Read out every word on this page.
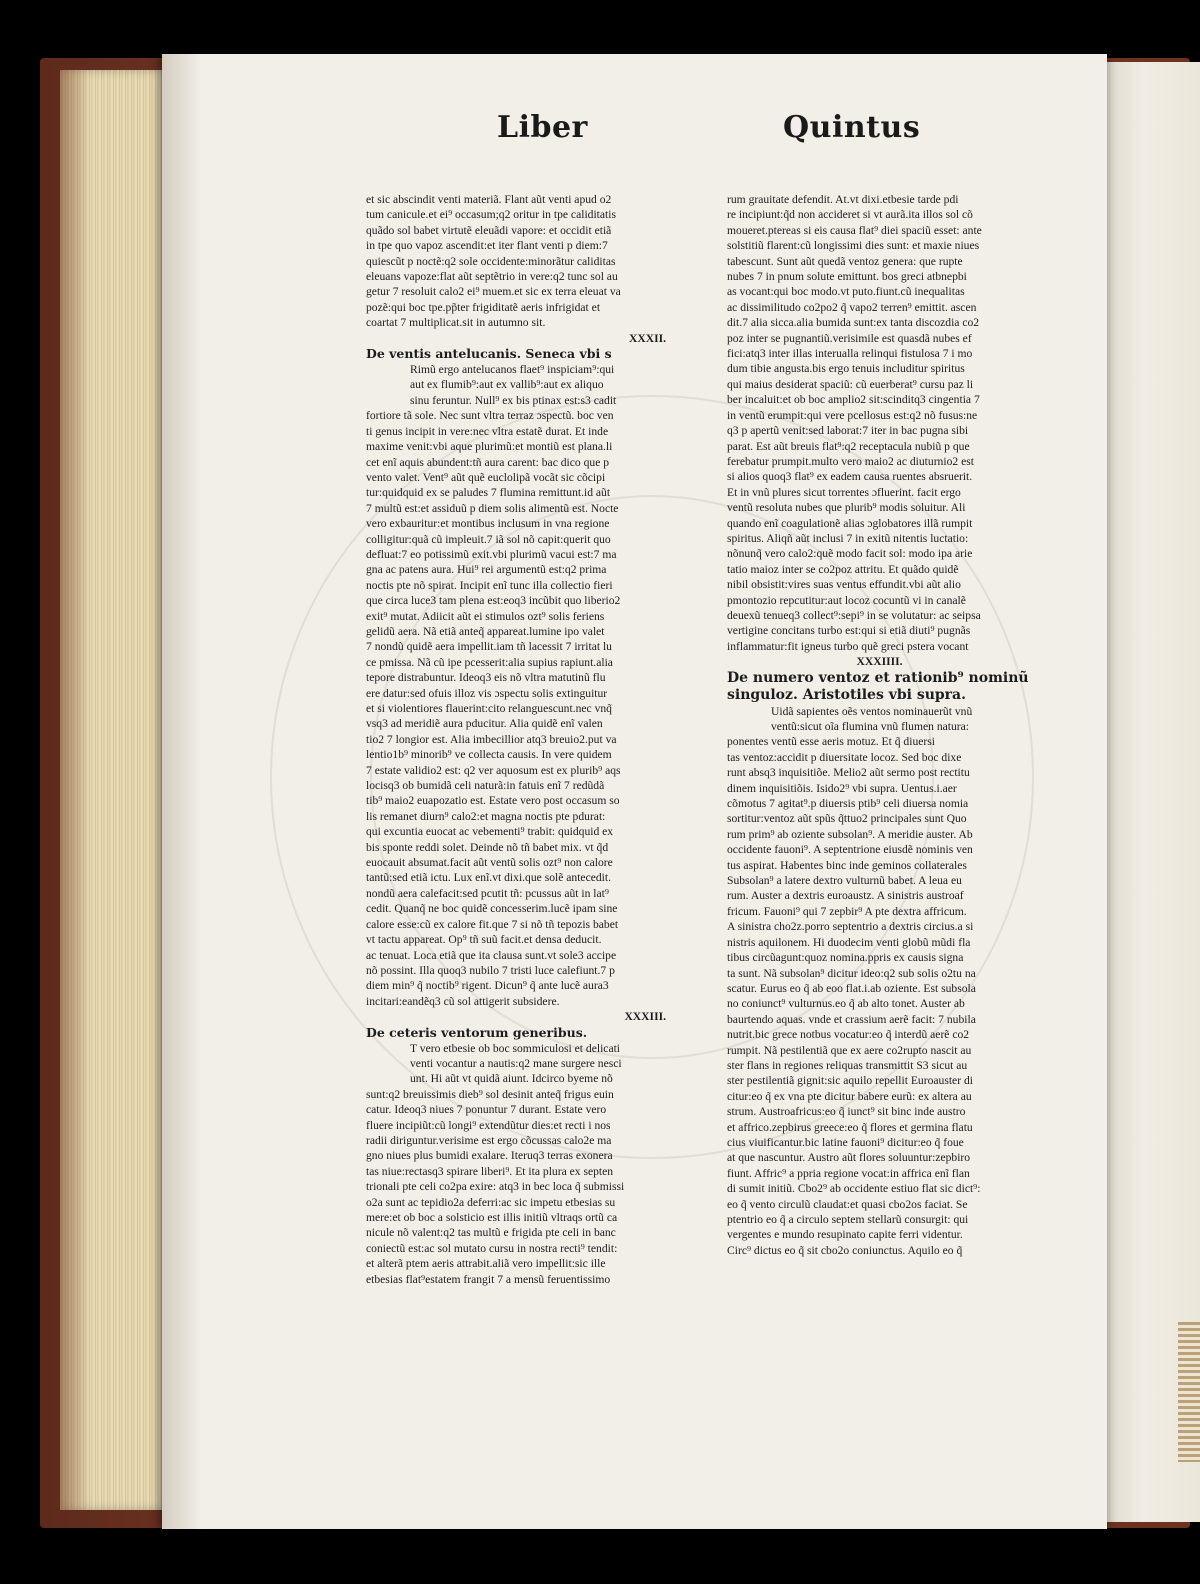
Liber	Quintus
et sic abscindit venti materiã. Flant aũt venti apud o2
tum canicule.et ei⁹ occasum;q2 oritur in tpe caliditatis
quãdo sol babet virtutẽ eleuãdi vapore: et occidit etiã
in tpe quo vapoz ascendit:et iter flant venti p diem:7
quiescũt p noctẽ:q2 sole occidente:minorãtur caliditas
eleuans vapoze:flat aũt septẽtrio in vere:q2 tunc sol au
getur 7 resoluit calo2 ei⁹ muem.et sic ex terra eleuat va
pozẽ:qui boc tpe.pp̃ter frigiditatẽ aeris infrigidat et
coartat 7 multiplicat.sit in autumno sit.
XXXII.
De ventis antelucanis. Seneca vbi s
Rimũ ergo antelucanos flaet⁹ inspiciam⁹:qui
aut ex flumib⁹:aut ex vallib⁹:aut ex aliquo
sinu feruntur. Null⁹ ex bis ptinax est:s3 cadit
fortiore tã sole. Nec sunt vltra terraz ɔspectũ. boc ven
ti genus incipit in vere:nec vltra estatẽ durat. Et inde
maxime venit:vbi aque plurimũ:et montiũ est plana.li
cet enĩ aquis abundent:tñ aura carent: bac dico que p
vento valet. Vent⁹ aũt quẽ euclolipã vocãt sic cõcipi
tur:quidquid ex se paludes 7 flumina remittunt.id aũt
7 multũ est:et assiduũ p diem solis alimentũ est. Nocte
vero exbauritur:et montibus inclusum in vna regione
colligitur:quã cũ impleuit.7 iã sol nõ capit:querit quo
defluat:7 eo potissimũ exit.vbi plurimũ vacui est:7 ma
gna ac patens aura. Hui⁹ rei argumentũ est:q2 prima
noctis pte nõ spirat. Incipit enĩ tunc illa collectio fieri
que circa luce3 tam plena est:eoq3 incũbit quo liberio2
exit⁹ mutat. Adiicit aũt ei stimulos ozt⁹ solis feriens
gelidũ aera. Nã etiã anteq̃ appareat.lumine ipo valet
7 nondũ quidẽ aera impellit.iam tñ lacessit 7 irritat lu
ce pmissa. Nã cũ ipe pcesserit:alia supius rapiunt.alia
tepore distrabuntur. Ideoq3 eis nõ vltra matutinũ flu
ere datur:sed ofuis illoz vis ɔspectu solis extinguitur
et si violentiores flauerint:cito relanguescunt.nec vnq̃
vsq3 ad meridiẽ aura pducitur. Alia quidẽ enĩ valen
tio2 7 longior est. Alia imbecillior atq3 breuio2.put va
lentio1b⁹ minorib⁹ ve collecta causis. In vere quidem
7 estate validio2 est: q2 ver aquosum est ex plurib⁹ aqs
locisq3 ob bumidã celi naturã:in fatuis enĩ 7 redũdã
tib⁹ maio2 euapozatio est. Estate vero post occasum so
lis remanet diurn⁹ calo2:et magna noctis pte pdurat:
qui excuntia euocat ac vebementi⁹ trabit: quidquid ex
bis sponte reddi solet. Deinde nõ tñ babet mix. vt q̃d
euocauit absumat.facit aũt ventũ solis ozt⁹ non calore
tantũ:sed etiã ictu. Lux enĩ.vt dixi.que solẽ antecedit.
nondũ aera calefacit:sed pcutit tñ: pcussus aũt in lat⁹
cedit. Quanq̃ ne boc quidẽ concesserim.lucẽ ipam sine
calore esse:cũ ex calore fit.que 7 si nõ tñ tepozis babet
vt tactu appareat. Op⁹ tñ suũ facit.et densa deducit.
ac tenuat. Loca etiã que ita clausa sunt.vt sole3 accipe
nõ possint. Illa quoq3 nubilo 7 tristi luce calefiunt.7 p
diem min⁹ q̃ noctib⁹ rigent. Dicun⁹ q̃ ante lucẽ aura3
incitari:eandẽq3 cũ sol attigerit subsidere.
XXXIII.
De ceteris ventorum generibus.
T vero etbesie ob boc sommiculosi et delicati
venti vocantur a nautis:q2 mane surgere nesci
unt. Hi aũt vt quidã aiunt. Idcirco byeme nõ
sunt:q2 breuissimis dieb⁹ sol desinit anteq̃ frigus euin
catur. Ideoq3 niues 7 ponuntur 7 durant. Estate vero
fluere incipiũt:cũ longi⁹ extendũtur dies:et recti i nos
radii diriguntur.verisime est ergo cõcussas calo2e ma
gno niues plus bumidi exalare. Iteruq3 terras exonera
tas niue:rectasq3 spirare liberi⁹. Et ita plura ex septen
trionali pte celi co2pa exire: atq3 in bec loca q̃ submissi
o2a sunt ac tepidio2a deferri:ac sic impetu etbesias su
mere:et ob boc a solsticio est illis initiũ vltraqs ortũ ca
nicule nõ valent:q2 tas multũ e frigida pte celi in banc
coniectũ est:ac sol mutato cursu in nostra recti⁹ tendit:
et alterã ptem aeris attrabit.aliã vero impellit:sic ille
etbesias flat⁹estatem frangit 7 a mensũ feruentissimo
rum grauitate defendit. At.vt dixi.etbesie tarde pdi
re incipiunt:q̃d non accideret si vt aurã.ita illos sol cõ
moueret.ptereas si eis causa flat⁹ diei spaciũ esset: ante
solstitiũ flarent:cũ longissimi dies sunt: et maxie niues
tabescunt. Sunt aũt quedã ventoz genera: que rupte
nubes 7 in pnum solute emittunt. bos greci atbnepbi
as vocant:qui boc modo.vt puto.fiunt.cũ inequalitas
ac dissimilitudo co2po2 q̃ vapo2 terren⁹ emittit. ascen
dit.7 alia sicca.alia bumida sunt:ex tanta discozdia co2
poz inter se pugnantiũ.verisimile est quasdã nubes ef
fici:atq3 inter illas interualla relinqui fistulosa 7 i mo
dum tibie angusta.bis ergo tenuis includitur spiritus
qui maius desiderat spaciũ: cũ euerberat⁹ cursu paz li
ber incaluit:et ob boc amplio2 sit:scinditq3 cingentia 7
in ventũ erumpit:qui vere pcellosus est:q2 nõ fusus:ne
q3 p apertũ venit:sed laborat:7 iter in bac pugna sibi
parat. Est aũt breuis flat⁹:q2 receptacula nubiũ p que
ferebatur prumpit.multo vero maio2 ac diuturnio2 est
si alios quoq3 flat⁹ ex eadem causa ruentes absruerit.
Et in vnũ plures sicut torrentes ɔfluerint. facit ergo
ventũ resoluta nubes que plurib⁹ modis soluitur. Ali
quando enĩ coagulationẽ alias ɔglobatores illã rumpit
spiritus. Aliqñ aũt inclusi 7 in exitũ nitentis luctatio:
nõnunq̃ vero calo2:quẽ modo facit sol: modo ipa arie
tatio maioz inter se co2poz attritu. Et quãdo quidẽ
nibil obsistit:vires suas ventus effundit.vbi aũt alio
pmontozio repcutitur:aut locoz cocuntũ vi in canalẽ
deuexũ tenueq3 collect⁹:sepi⁹ in se volutatur: ac seipsa
vertigine concitans turbo est:qui si etiã diuti⁹ pugnãs
inflammatur:fit igneus turbo quẽ greci pstera vocant
XXXIIII.
De numero ventoz et rationib⁹ nominũ
singuloz. Aristotiles vbi supra.
Uidã sapientes oẽs ventos nominauerũt vnũ
ventũ:sicut oĩa flumina vnũ flumen natura:
ponentes ventũ esse aeris motuz. Et q̃ diuersi
tas ventoz:accidit p diuersitate locoz. Sed boc dixe
runt absq3 inquisitiõe. Melio2 aũt sermo post rectitu
dinem inquisitiõis. Isido2⁹ vbi supra. Uentus.i.aer
cõmotus 7 agitat⁹.p diuersis ptib⁹ celi diuersa nomia
sortitur:ventoz aũt spũs q̃ttuo2 principales sunt Quo
rum prim⁹ ab oziente subsolan⁹. A meridie auster. Ab
occidente fauoni⁹. A septentrione eiusdẽ nominis ven
tus aspirat. Habentes binc inde geminos collaterales
Subsolan⁹ a latere dextro vulturnũ babet. A leua eu
rum. Auster a dextris euroaustz. A sinistris austroaf
fricum. Fauoni⁹ qui 7 zepbir⁹ A pte dextra affricum.
A sinistra cho2z.porro septentrio a dextris circius.a si
nistris aquilonem. Hi duodecim venti globũ mũdi fla
tibus circũagunt:quoz nomina.ppris ex causis signa
ta sunt. Nã subsolan⁹ dicitur ideo:q2 sub solis o2tu na
scatur. Eurus eo q̃ ab eoo flat.i.ab oziente. Est subsola
no coniunct⁹ vulturnus.eo q̃ ab alto tonet. Auster ab
baurtendo aquas. vnde et crassium aerẽ facit: 7 nubila
nutrit.bic grece notbus vocatur:eo q̃ interdũ aerẽ co2
rumpit. Nã pestilentiã que ex aere co2rupto nascit au
ster flans in regiones reliquas transmittit S3 sicut au
ster pestilentiã gignit:sic aquilo repellit Euroauster di
citur:eo q̃ ex vna pte dicitur babere eurũ: ex altera au
strum. Austroafricus:eo q̃ iunct⁹ sit binc inde austro
et affrico.zepbirus greece:eo q̃ flores et germina flatu
cius viuificantur.bic latine fauoni⁹ dicitur:eo q̃ foue
at que nascuntur. Austro aũt flores soluuntur:zepbiro
fiunt. Affric⁹ a ppria regione vocat:in affrica enĩ flan
di sumit initiũ. Cbo2⁹ ab occidente estiuo flat sic dict⁹:
eo q̃ vento circulũ claudat:et quasi cbo2os faciat. Se
ptentrio eo q̃ a circulo septem stellarũ consurgit: qui
vergentes e mundo resupinato capite ferri videntur.
Circ⁹ dictus eo q̃ sit cbo2o coniunctus. Aquilo eo q̃
